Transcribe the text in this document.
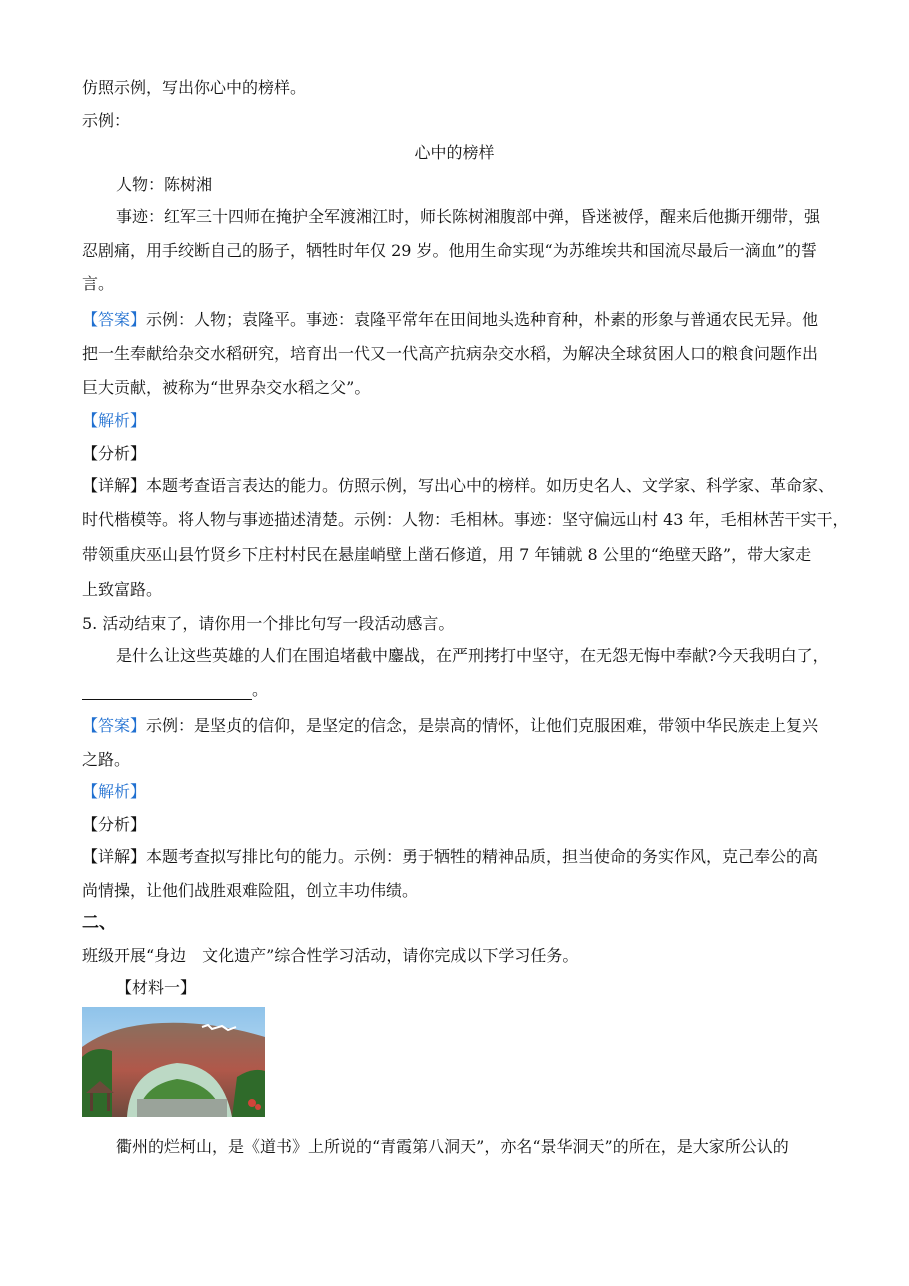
仿照示例，写出你心中的榜样。
示例：
心中的榜样
人物：陈树湘
事迹：红军三十四师在掩护全军渡湘江时，师长陈树湘腹部中弹，昏迷被俘，醒来后他撕开绷带，强
忍剧痛，用手绞断自己的肠子，牺牲时年仅 29 岁。他用生命实现“为苏维埃共和国流尽最后一滴血”的誓
言。
【答案】示例：人物；袁隆平。事迹：袁隆平常年在田间地头选种育种，朴素的形象与普通农民无异。他
把一生奉献给杂交水稻研究，培育出一代又一代高产抗病杂交水稻，为解决全球贫困人口的粮食问题作出
巨大贡献，被称为“世界杂交水稻之父”。
【解析】
【分析】
【详解】本题考查语言表达的能力。仿照示例，写出心中的榜样。如历史名人、文学家、科学家、革命家、
时代楷模等。将人物与事迹描述清楚。示例：人物：毛相林。事迹：坚守偏远山村 43 年，毛相林苦干实干，
带领重庆巫山县竹贤乡下庄村村民在悬崖峭壁上凿石修道，用 7 年铺就 8 公里的“绝壁天路”，带大家走
上致富路。
5. 活动结束了，请你用一个排比句写一段活动感言。
是什么让这些英雄的人们在围追堵截中鏖战，在严刑拷打中坚守，在无怨无悔中奉献?今天我明白了，
。
【答案】示例：是坚贞的信仰，是坚定的信念，是崇高的情怀，让他们克服困难，带领中华民族走上复兴
之路。
【解析】
【分析】
【详解】本题考查拟写排比句的能力。示例：勇于牺牲的精神品质，担当使命的务实作风，克己奉公的高
尚情操，让他们战胜艰难险阻，创立丰功伟绩。
二、
班级开展“身边　文化遗产”综合性学习活动，请你完成以下学习任务。
【材料一】
衢州的烂柯山，是《道书》上所说的“青霞第八洞天”，亦名“景华洞天”的所在，是大家所公认的
